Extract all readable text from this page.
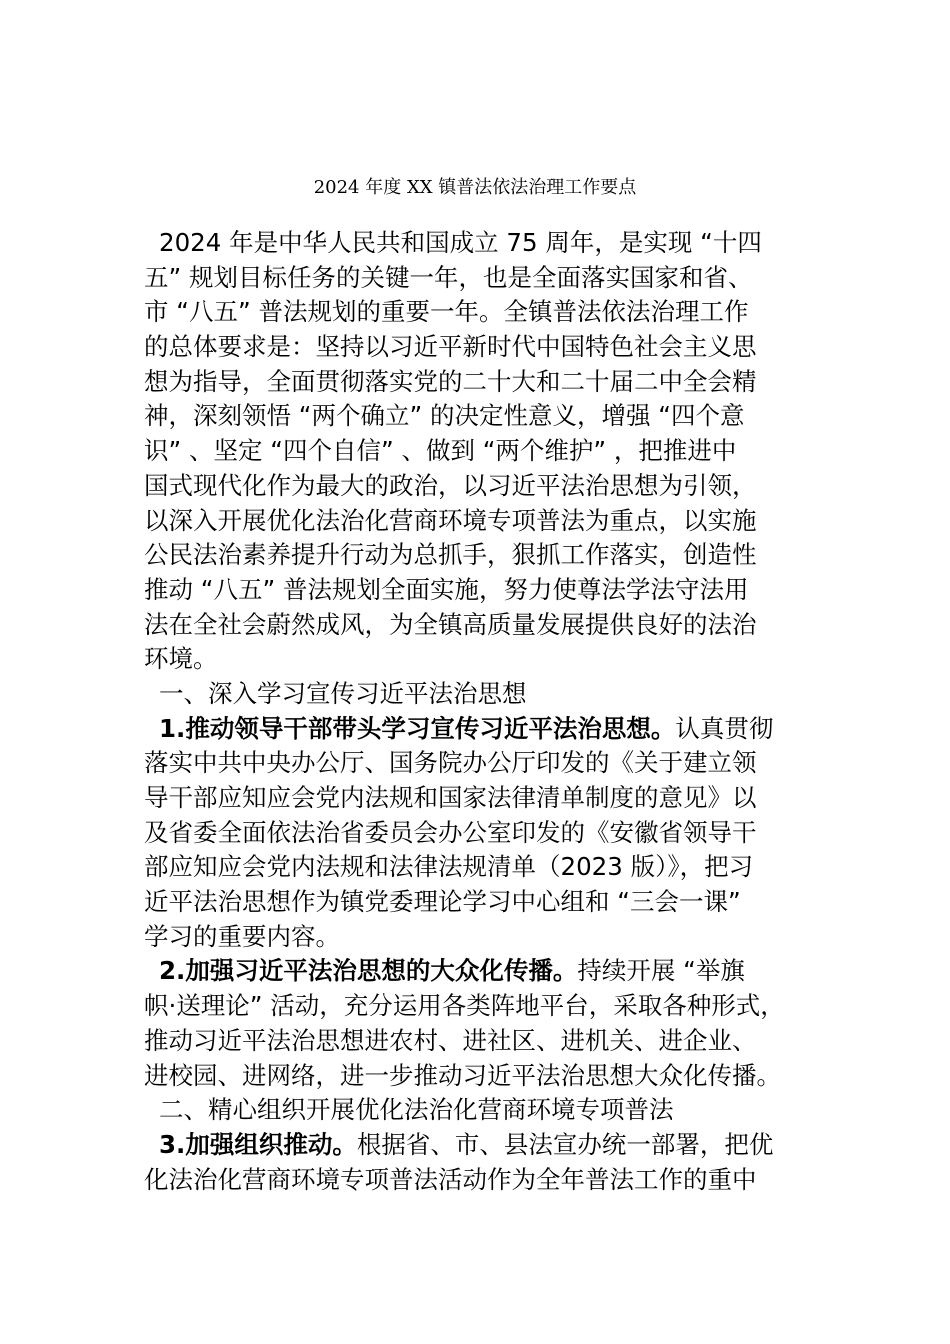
2024 年度 XX 镇普法依法治理工作要点
2024 年是中华人民共和国成立 75 周年，是实现 “十四
五” 规划目标任务的关键一年，也是全面落实国家和省、
市 “八五” 普法规划的重要一年。全镇普法依法治理工作
的总体要求是：坚持以习近平新时代中国特色社会主义思
想为指导，全面贯彻落实党的二十大和二十届二中全会精
神，深刻领悟 “两个确立” 的决定性意义，增强 “四个意
识” 、坚定 “四个自信” 、做到 “两个维护” ，把推进中
国式现代化作为最大的政治，以习近平法治思想为引领，
以深入开展优化法治化营商环境专项普法为重点，以实施
公民法治素养提升行动为总抓手，狠抓工作落实，创造性
推动 “八五” 普法规划全面实施，努力使尊法学法守法用
法在全社会蔚然成风，为全镇高质量发展提供良好的法治
环境。
一、深入学习宣传习近平法治思想
1.推动领导干部带头学习宣传习近平法治思想。认真贯彻
落实中共中央办公厅、国务院办公厅印发的《关于建立领
导干部应知应会党内法规和国家法律清单制度的意见》以
及省委全面依法治省委员会办公室印发的《安徽省领导干
部应知应会党内法规和法律法规清单（2023 版）》，把习
近平法治思想作为镇党委理论学习中心组和 “三会一课”
学习的重要内容。
2.加强习近平法治思想的大众化传播。持续开展 “举旗
帜·送理论” 活动，充分运用各类阵地平台，采取各种形式，
推动习近平法治思想进农村、进社区、进机关、进企业、
进校园、进网络，进一步推动习近平法治思想大众化传播。
二、精心组织开展优化法治化营商环境专项普法
3.加强组织推动。根据省、市、县法宣办统一部署，把优
化法治化营商环境专项普法活动作为全年普法工作的重中
